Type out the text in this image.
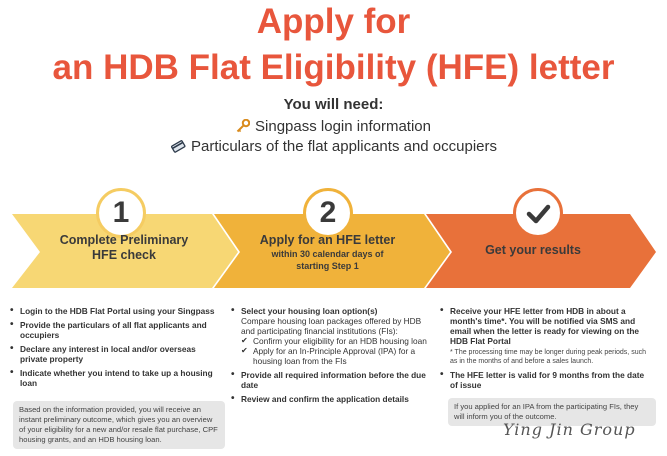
Apply for
an HDB Flat Eligibility (HFE) letter
You will need:
Singpass login information
Particulars of the flat applicants and occupiers
1	2
Complete Preliminary
HFE check
Apply for an HFE letter
within 30 calendar days of
starting Step 1
Get your results
• Login to the HDB Flat Portal using your Singpass
• Provide the particulars of all flat applicants and occupiers
• Declare any interest in local and/or overseas private property
• Indicate whether you intend to take up a housing loan
Based on the information provided, you will receive an instant preliminary outcome, which gives you an overview of your eligibility for a new and/or resale flat purchase, CPF housing grants, and an HDB housing loan.
• Select your housing loan option(s)
Compare housing loan packages offered by HDB and participating financial institutions (FIs):
✔ Confirm your eligibility for an HDB housing loan
✔ Apply for an In-Principle Approval (IPA) for a housing loan from the FIs
• Provide all required information before the due date
• Review and confirm the application details
• Receive your HFE letter from HDB in about a month's time*. You will be notified via SMS and email when the letter is ready for viewing on the HDB Flat Portal
* The processing time may be longer during peak periods, such as in the months of and before a sales launch.
• The HFE letter is valid for 9 months from the date of issue
If you applied for an IPA from the participating FIs, they will inform you of the outcome.
Ying Jin Group
